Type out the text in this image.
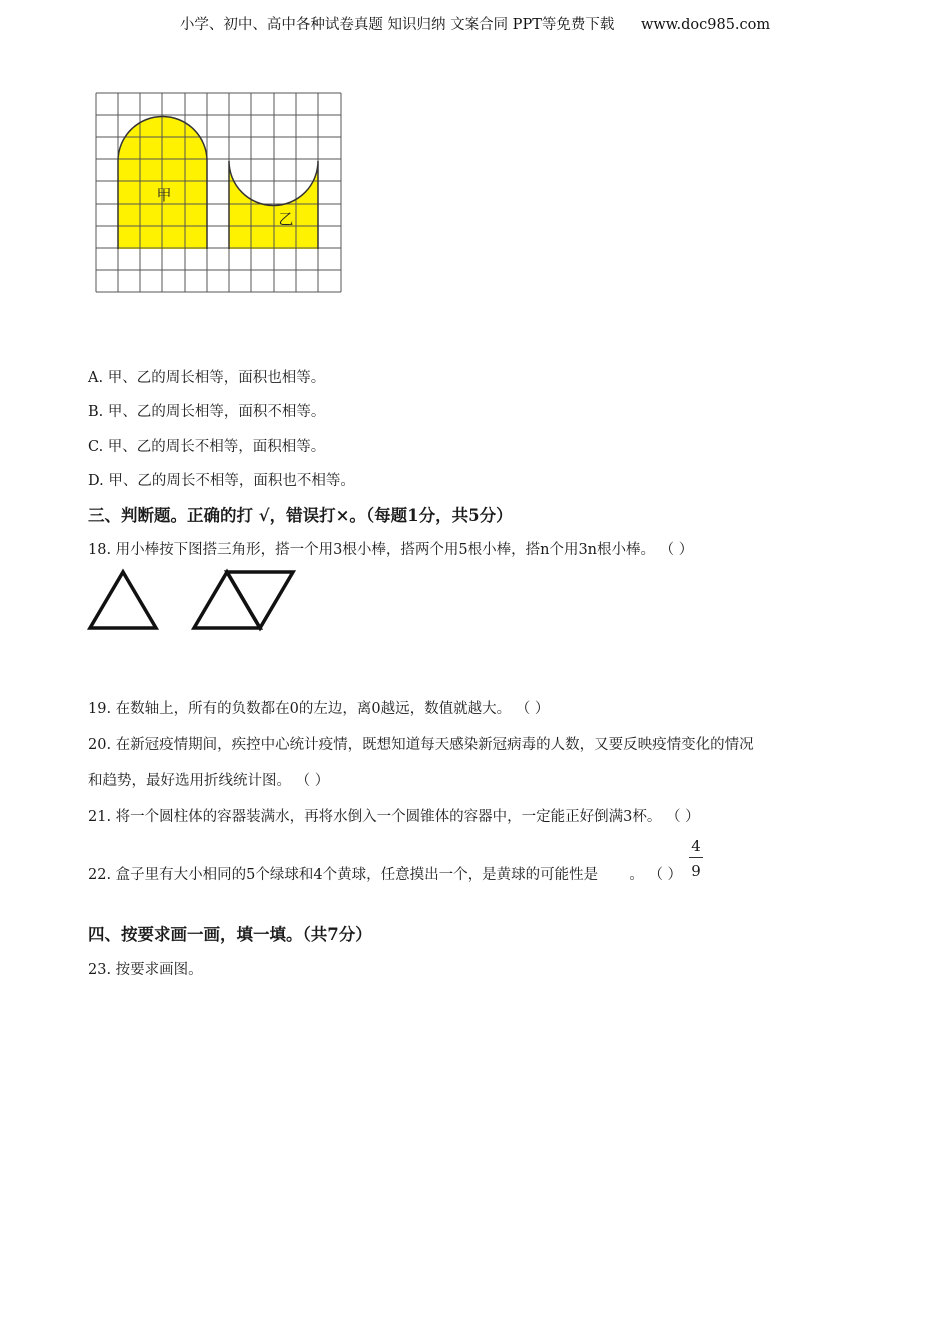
小学、初中、高中各种试卷真题 知识归纳 文案合同 PPT等免费下载 www.doc985.com
甲
乙
A. 甲、乙的周长相等，面积也相等。
B. 甲、乙的周长相等，面积不相等。
C. 甲、乙的周长不相等，面积相等。
D. 甲、乙的周长不相等，面积也不相等。
三、判断题。正确的打 √，错误打×。（每题1分，共5分）
18. 用小棒按下图搭三角形，搭一个用3根小棒，搭两个用5根小棒，搭n个用3n根小棒。 （ ）
19. 在数轴上，所有的负数都在0的左边，离0越远，数值就越大。 （ ）
20. 在新冠疫情期间，疾控中心统计疫情，既想知道每天感染新冠病毒的人数，又要反映疫情变化的情况
和趋势，最好选用折线统计图。 （ ）
21. 将一个圆柱体的容器装满水，再将水倒入一个圆锥体的容器中，一定能正好倒满3杯。 （ ）
22. 盒子里有大小相同的5个绿球和4个黄球，任意摸出一个，是黄球的可能性是 。 （ ）
4
9
四、按要求画一画，填一填。（共7分）
23. 按要求画图。
